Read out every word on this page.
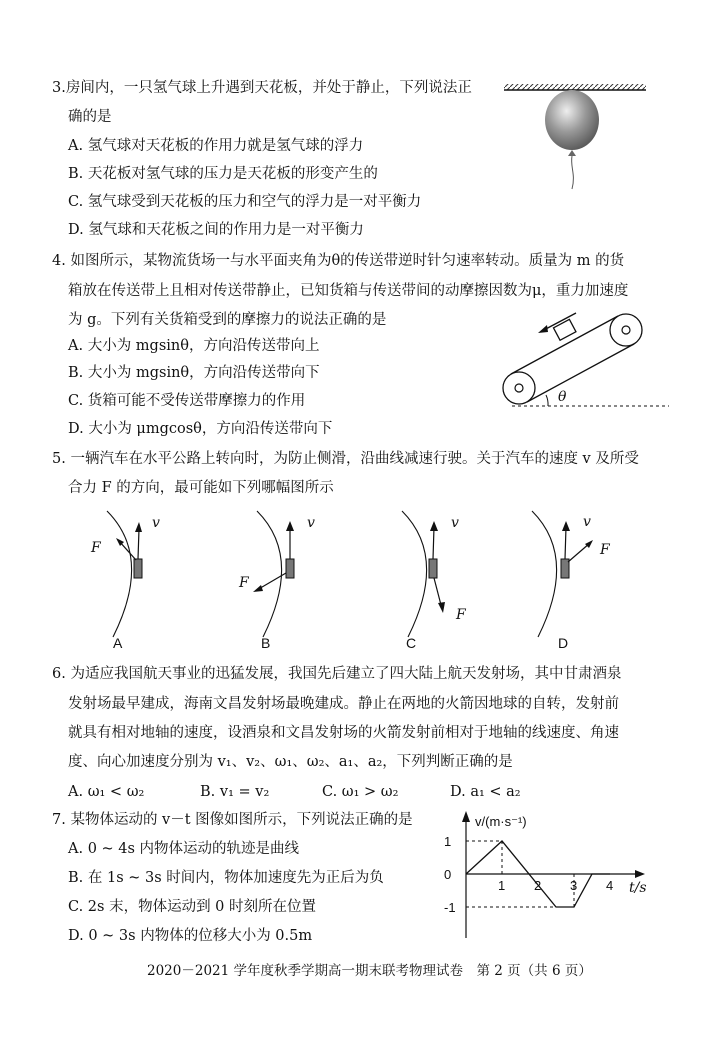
3.房间内，一只氢气球上升遇到天花板，并处于静止，下列说法正
确的是
A. 氢气球对天花板的作用力就是氢气球的浮力
B. 天花板对氢气球的压力是天花板的形变产生的
C. 氢气球受到天花板的压力和空气的浮力是一对平衡力
D. 氢气球和天花板之间的作用力是一对平衡力
4. 如图所示，某物流货场一与水平面夹角为θ的传送带逆时针匀速率转动。质量为 m 的货
箱放在传送带上且相对传送带静止，已知货箱与传送带间的动摩擦因数为μ，重力加速度
为 g。下列有关货箱受到的摩擦力的说法正确的是
A. 大小为 mgsinθ，方向沿传送带向上
B. 大小为 mgsinθ，方向沿传送带向下
C. 货箱可能不受传送带摩擦力的作用
D. 大小为 μmgcosθ，方向沿传送带向下
θ
5. 一辆汽车在水平公路上转向时，为防止侧滑，沿曲线减速行驶。关于汽车的速度 v 及所受
合力 F 的方向，最可能如下列哪幅图所示
v
F
A
v
F
B
v
F
C
v
F
D
6. 为适应我国航天事业的迅猛发展，我国先后建立了四大陆上航天发射场，其中甘肃酒泉
发射场最早建成，海南文昌发射场最晚建成。静止在两地的火箭因地球的自转，发射前
就具有相对地轴的速度，设酒泉和文昌发射场的火箭发射前相对于地轴的线速度、角速
度、向心加速度分别为 v₁、v₂、ω₁、ω₂、a₁、a₂，下列判断正确的是
A. ω₁ < ω₂	B. v₁ = v₂	C. ω₁ > ω₂	D. a₁ < a₂
7. 某物体运动的 v－t 图像如图所示，下列说法正确的是
A. 0 ~ 4s 内物体运动的轨迹是曲线
B. 在 1s ~ 3s 时间内，物体加速度先为正后为负
C. 2s 末，物体运动到 0 时刻所在位置
D. 0 ~ 3s 内物体的位移大小为 0.5m
v/(m·s⁻¹)
t/s
1
0
-1
1 2 3 4
2020－2021 学年度秋季学期高一期末联考物理试卷　第 2 页（共 6 页）
